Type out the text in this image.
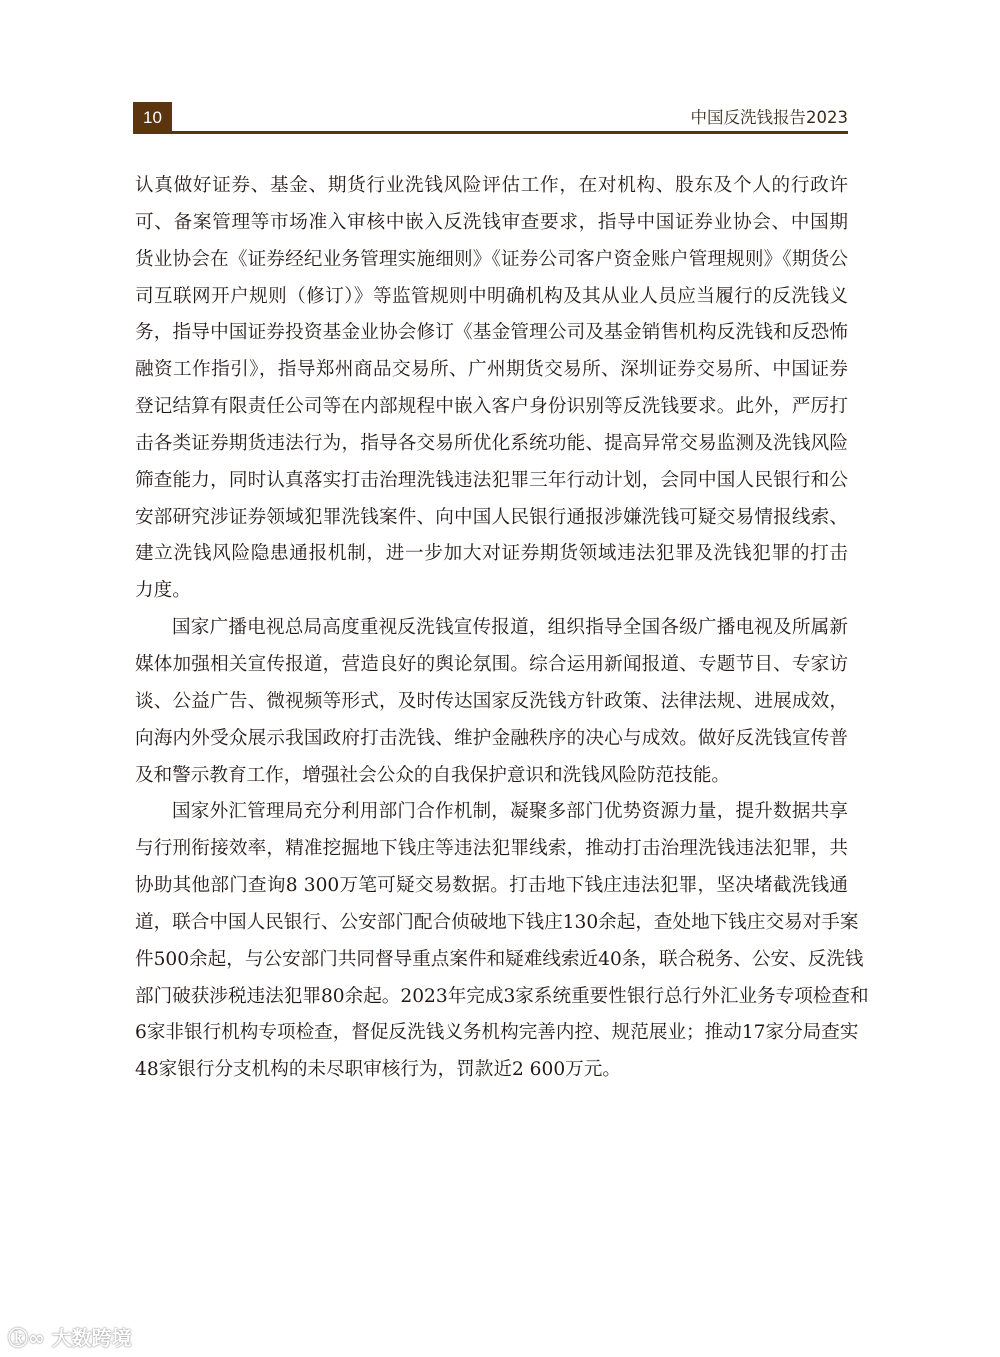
10	中国反洗钱报告2023
认真做好证券、基金、期货行业洗钱风险评估工作，在对机构、股东及个人的行政许
可、备案管理等市场准入审核中嵌入反洗钱审查要求，指导中国证券业协会、中国期
货业协会在《证券经纪业务管理实施细则》《证券公司客户资金账户管理规则》《期货公
司互联网开户规则（修订）》等监管规则中明确机构及其从业人员应当履行的反洗钱义
务，指导中国证券投资基金业协会修订《基金管理公司及基金销售机构反洗钱和反恐怖
融资工作指引》，指导郑州商品交易所、广州期货交易所、深圳证券交易所、中国证券
登记结算有限责任公司等在内部规程中嵌入客户身份识别等反洗钱要求。此外，严厉打
击各类证券期货违法行为，指导各交易所优化系统功能、提高异常交易监测及洗钱风险
筛查能力，同时认真落实打击治理洗钱违法犯罪三年行动计划，会同中国人民银行和公
安部研究涉证券领域犯罪洗钱案件、向中国人民银行通报涉嫌洗钱可疑交易情报线索、
建立洗钱风险隐患通报机制，进一步加大对证券期货领域违法犯罪及洗钱犯罪的打击
力度。
国家广播电视总局高度重视反洗钱宣传报道，组织指导全国各级广播电视及所属新
媒体加强相关宣传报道，营造良好的舆论氛围。综合运用新闻报道、专题节目、专家访
谈、公益广告、微视频等形式，及时传达国家反洗钱方针政策、法律法规、进展成效，
向海内外受众展示我国政府打击洗钱、维护金融秩序的决心与成效。做好反洗钱宣传普
及和警示教育工作，增强社会公众的自我保护意识和洗钱风险防范技能。
国家外汇管理局充分利用部门合作机制，凝聚多部门优势资源力量，提升数据共享
与行刑衔接效率，精准挖掘地下钱庄等违法犯罪线索，推动打击治理洗钱违法犯罪，共
协助其他部门查询8 300万笔可疑交易数据。打击地下钱庄违法犯罪，坚决堵截洗钱通
道，联合中国人民银行、公安部门配合侦破地下钱庄130余起，查处地下钱庄交易对手案
件500余起，与公安部门共同督导重点案件和疑难线索近40条，联合税务、公安、反洗钱
部门破获涉税违法犯罪80余起。2023年完成3家系统重要性银行总行外汇业务专项检查和
6家非银行机构专项检查，督促反洗钱义务机构完善内控、规范展业；推动17家分局查实
48家银行分支机构的未尽职审核行为，罚款近2 600万元。
ⓚ∞ 大数跨境
